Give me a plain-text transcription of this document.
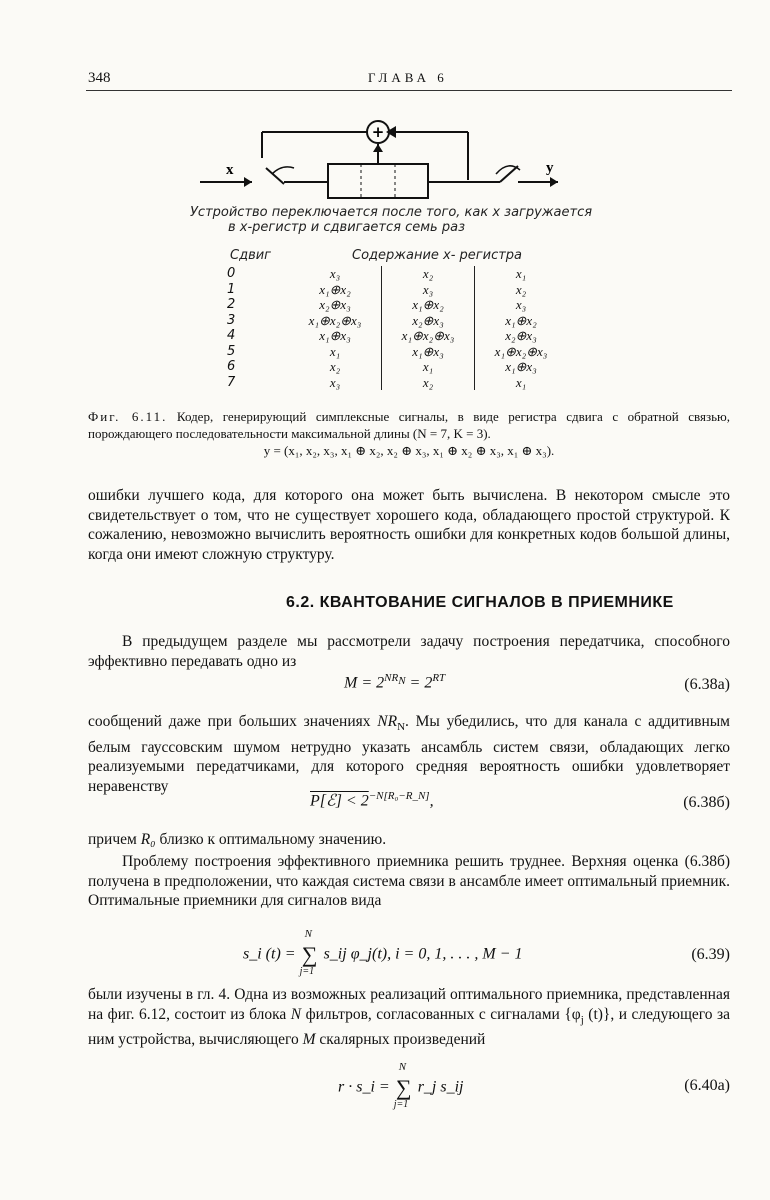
348	ГЛАВА 6
+
x	y
Устройство переключается после того, как x загружается
в x-регистр и сдвигается семь раз
Сдвиг	Содержание x- регистра
0	x₃	x₂	x₁
1	x₁⊕x₂	x₃	x₂
2	x₂⊕x₃	x₁⊕x₂	x₃
3	x₁⊕x₂⊕x₃	x₂⊕x₃	x₁⊕x₂
4	x₁⊕x₃	x₁⊕x₂⊕x₃	x₂⊕x₃
5	x₁	x₁⊕x₃	x₁⊕x₂⊕x₃
6	x₂	x₁	x₁⊕x₃
7	x₃	x₂	x₁
Фиг. 6.11. Кодер, генерирующий симплексные сигналы, в виде регистра сдвига с обратной связью, порождающего последовательности максимальной длины (N = 7, K = 3).
y = (x₁, x₂, x₃, x₁ ⊕ x₂, x₂ ⊕ x₃, x₁ ⊕ x₂ ⊕ x₃, x₁ ⊕ x₃).
ошибки лучшего кода, для которого она может быть вычислена. В некотором смысле это свидетельствует о том, что не существует хорошего кода, обладающего простой структурой. К сожалению, невозможно вычислить вероятность ошибки для конкретных кодов большой длины, когда они имеют сложную структуру.
6.2. КВАНТОВАНИЕ СИГНАЛОВ В ПРИЕМНИКЕ
В предыдущем разделе мы рассмотрели задачу построения передатчика, способного эффективно передавать одно из
$M = 2^{NR_N} = 2^{RT}$	(6.38а)
сообщений даже при больших значениях $NR_N$. Мы убедились, что для канала с аддитивным белым гауссовским шумом нетрудно указать ансамбль систем связи, обладающих легко реализуемыми передатчиками, для которого средняя вероятность ошибки удовлетворяет неравенству
P[ℰ] < $2^{-N[R_0-R\_N]}$,	(6.38б)
причем R₀ близко к оптимальному значению.
Проблему построения эффективного приемника решить труднее. Верхняя оценка (6.38б) получена в предположении, что каждая система связи в ансамбле имеет оптимальный приемник. Оптимальные приемники для сигналов вида
s_i (t) = ∑
N
j=1
s_ij φ_j(t), i = 0, 1, . . . , M − 1	(6.39)
были изучены в гл. 4. Одна из возможных реализаций оптимального приемника, представленная на фиг. 6.12, состоит из блока N фильтров, согласованных с сигналами {$\varphi_j$ (t)}, и следующего за ним устройства, вычисляющего M скалярных произведений
r · s_i = ∑
N
j=1
r_j s_ij	(6.40а)
